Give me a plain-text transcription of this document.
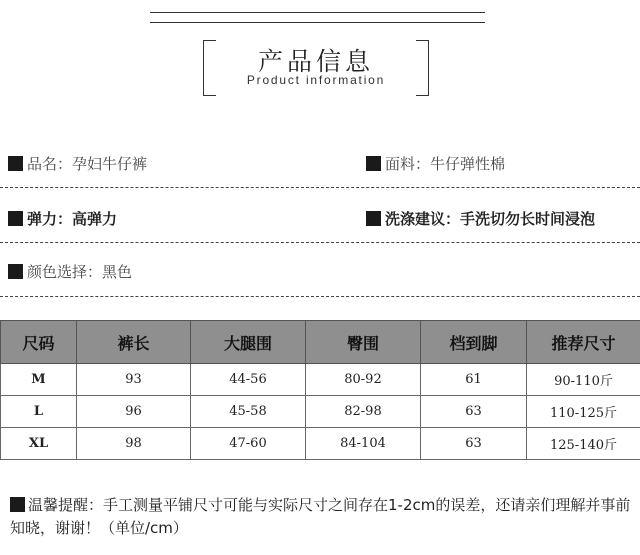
产品信息
Product information
品名： 孕妇牛仔裤	面料： 牛仔弹性棉
弹力： 高弹力	洗涤建议： 手洗切勿长时间浸泡
颜色选择： 黑色
尺码	裤长	大腿围	臀围	档到脚	推荐尺寸
M	93	44-56	80-92	61	90-110斤
L	96	45-58	82-98	63	110-125斤
XL	98	47-60	84-104	63	125-140斤
温馨提醒：手工测量平铺尺寸可能与实际尺寸之间存在1-2cm的误差，还请亲们理解并事前知晓，谢谢！（单位/cm）
